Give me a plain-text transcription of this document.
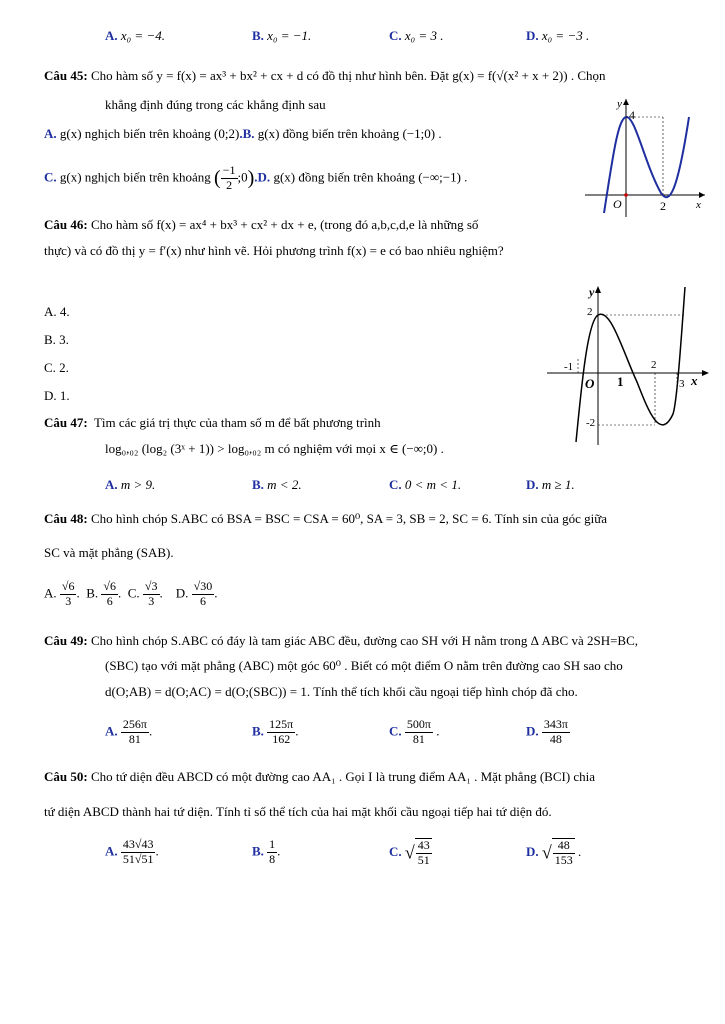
A. x₀ = −4.	B. x₀ = −1.	C. x₀ = 3 .	D. x₀ = −3 .
Câu 45: Cho hàm số y = f(x) = ax³ + bx² + cx + d có đồ thị như hình bên. Đặt g(x) = f(√(x² + x + 2)) . Chọn
khẳng định đúng trong các khẳng định sau
A. g(x) nghịch biến trên khoảng (0;2).B. g(x) đồng biến trên khoảng (−1;0) .
C. g(x) nghịch biến trên khoảng ( $\frac{-1}{2}$ ;0).D. g(x) đồng biến trên khoảng (−∞;−1) .
y
x
O	2
4
Câu 46: Cho hàm số f(x) = ax⁴ + bx³ + cx² + dx + e, (trong đó a,b,c,d,e là những số
thực) và có đồ thị y = f′(x) như hình vẽ. Hỏi phương trình f(x) = e có bao nhiêu nghiệm?
A. 4.
B. 3.
C. 2.
D. 1.
y
x
O
2
-1
1
2
3
-2
Câu 47: Tìm các giá trị thực của tham số m để bất phương trình
log₀,₀₂ (log₂ (3ˣ + 1)) > log₀,₀₂ m có nghiệm với mọi x ∈ (−∞;0) .
A. m > 9.	B. m < 2.	C. 0 < m < 1.	D. m ≥ 1.
Câu 48: Cho hình chóp S.ABC có BSA = BSC = CSA = 60⁰, SA = 3, SB = 2, SC = 6. Tính sin của góc giữa
SC và mặt phẳng (SAB).
A. $\frac{√6}{3}$ .  B. $\frac{√6}{6}$ .  C. $\frac{√3}{3}$ .    D. $\frac{√30}{6}$ .
Câu 49: Cho hình chóp S.ABC có đáy là tam giác ABC đều, đường cao SH với H nằm trong Δ ABC và 2SH=BC,
(SBC) tạo với mặt phẳng (ABC) một góc 60⁰ . Biết có một điểm O nằm trên đường cao SH sao cho
d(O;AB) = d(O;AC) = d(O;(SBC)) = 1. Tính thể tích khối cầu ngoại tiếp hình chóp đã cho.
A. $\frac{256\pi}{81}$ .	B. $\frac{125\pi}{162}$ .	C. $\frac{500\pi}{81}$ .	D. $\frac{343\pi}{48}$
Câu 50: Cho tứ diện đều ABCD có một đường cao AA₁ . Gọi I là trung điểm AA₁ . Mặt phẳng (BCI) chia
tứ diện ABCD thành hai tứ diện. Tính tỉ số thể tích của hai mặt khối cầu ngoại tiếp hai tứ diện đó.
A. $\frac{43√43}{51√51}$ .	B. $\frac{1}{8}$ .	C. √ $\frac{43}{51}$	D. √ $\frac{48}{153}$ .
